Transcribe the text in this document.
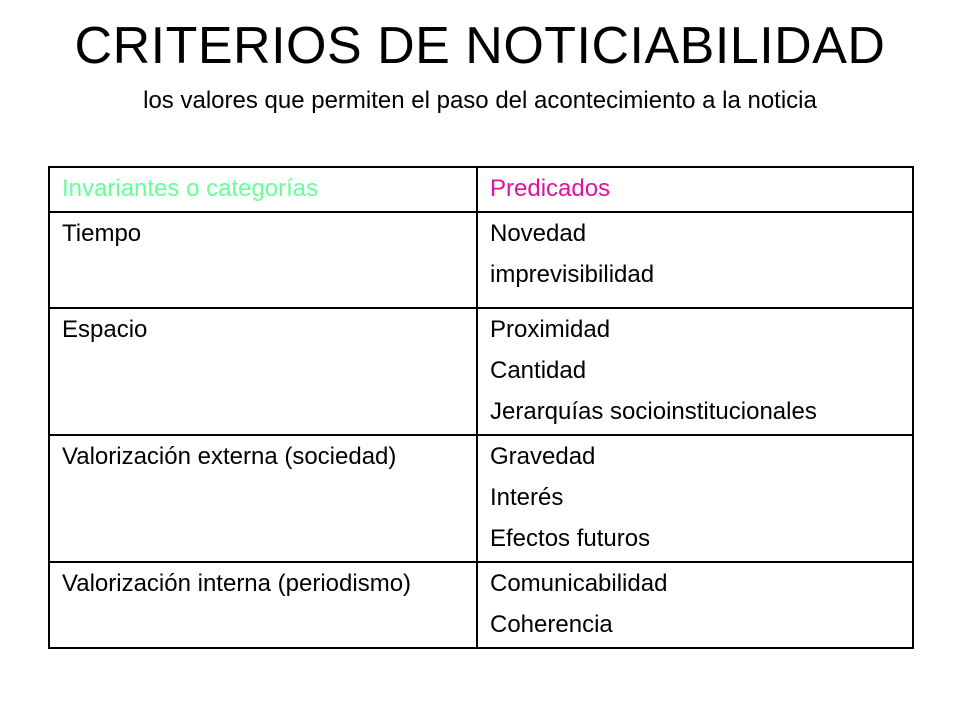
CRITERIOS DE NOTICIABILIDAD
los valores que permiten el paso del acontecimiento a la noticia
Invariantes o categorías	Predicados
Tiempo	Novedad
imprevisibilidad

Espacio	Proximidad
Cantidad
Jerarquías socioinstitucionales

Valorización externa (sociedad)	Gravedad
Interés
Efectos futuros

Valorización interna (periodismo)	Comunicabilidad
Coherencia
